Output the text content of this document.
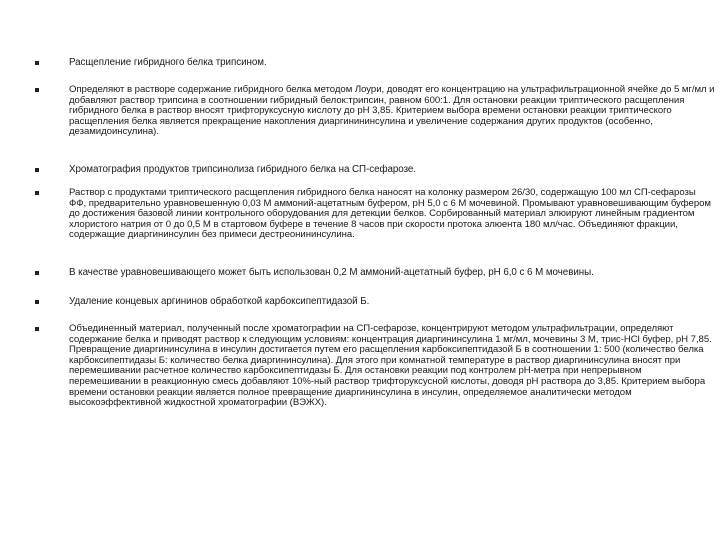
Расщепление гибридного белка трипсином.
Определяют в растворе содержание гибридного белка методом Лоури, доводят его концентрацию на ультрафильтрационной ячейке до 5 мг/мл и добавляют раствор трипсина в соотношении гибридный белок:трипсин, равном 600:1. Для остановки реакции триптического расщепления гибридного белка в раствор вносят трифторуксусную кислоту до рН 3,85. Критерием выбора времени остановки реакции триптического расщепления белка является прекращение накопления диаргинининсулина и увеличение содержания других продуктов (особенно, дезамидоинсулина).
Хроматография продуктов трипсинолиза гибридного белка на СП-сефарозе.
Раствор с продуктами триптического расщепления гибридного белка наносят на колонку размером 26/30, содержащую 100 мл СП-сефарозы ФФ, предварительно уравновешенную 0,03 М аммоний-ацетатным буфером, рН 5,0 с 6 М мочевиной. Промывают уравновешивающим буфером до достижения базовой линии контрольного оборудования для детекции белков. Сорбированный материал элюируют линейным градиентом хлористого натрия от 0 до 0,5 М в стартовом буфере в течение 8 часов при скорости протока элюента 180 мл/час. Объединяют фракции, содержащие диаргининсулин без примеси дестреонининсулина.
В качестве уравновешивающего может быть использован 0,2 М аммоний-ацетатный буфер, рН 6,0 с 6 М мочевины.
Удаление концевых аргининов обработкой карбоксипептидазой Б.
Объединенный материал, полученный после хроматографии на СП-сефарозе, концентрируют методом ультрафильтрации, определяют содержание белка и приводят раствор к следующим условиям: концентрация диаргининсулина 1 мг/мл, мочевины 3 М, трис-HCl буфер, рН 7,85. Превращение диаргининсулина в инсулин достигается путем его расщепления карбоксипептидазой Б в соотношении 1: 500 (количество белка карбоксипептидазы Б: количество белка диаргининсулина). Для этого при комнатной температуре в раствор диаргининсулина вносят при перемешивании расчетное количество карбоксипептидазы Б. Для остановки реакции под контролем рН-метра при непрерывном перемешивании в реакционную смесь добавляют 10%-ный раствор трифторуксусной кислоты, доводя рН раствора до 3,85. Критерием выбора времени остановки реакции является полное превращение диаргининсулина в инсулин, определяемое аналитически методом высокоэффективной жидкостной хроматографии (ВЭЖХ).
